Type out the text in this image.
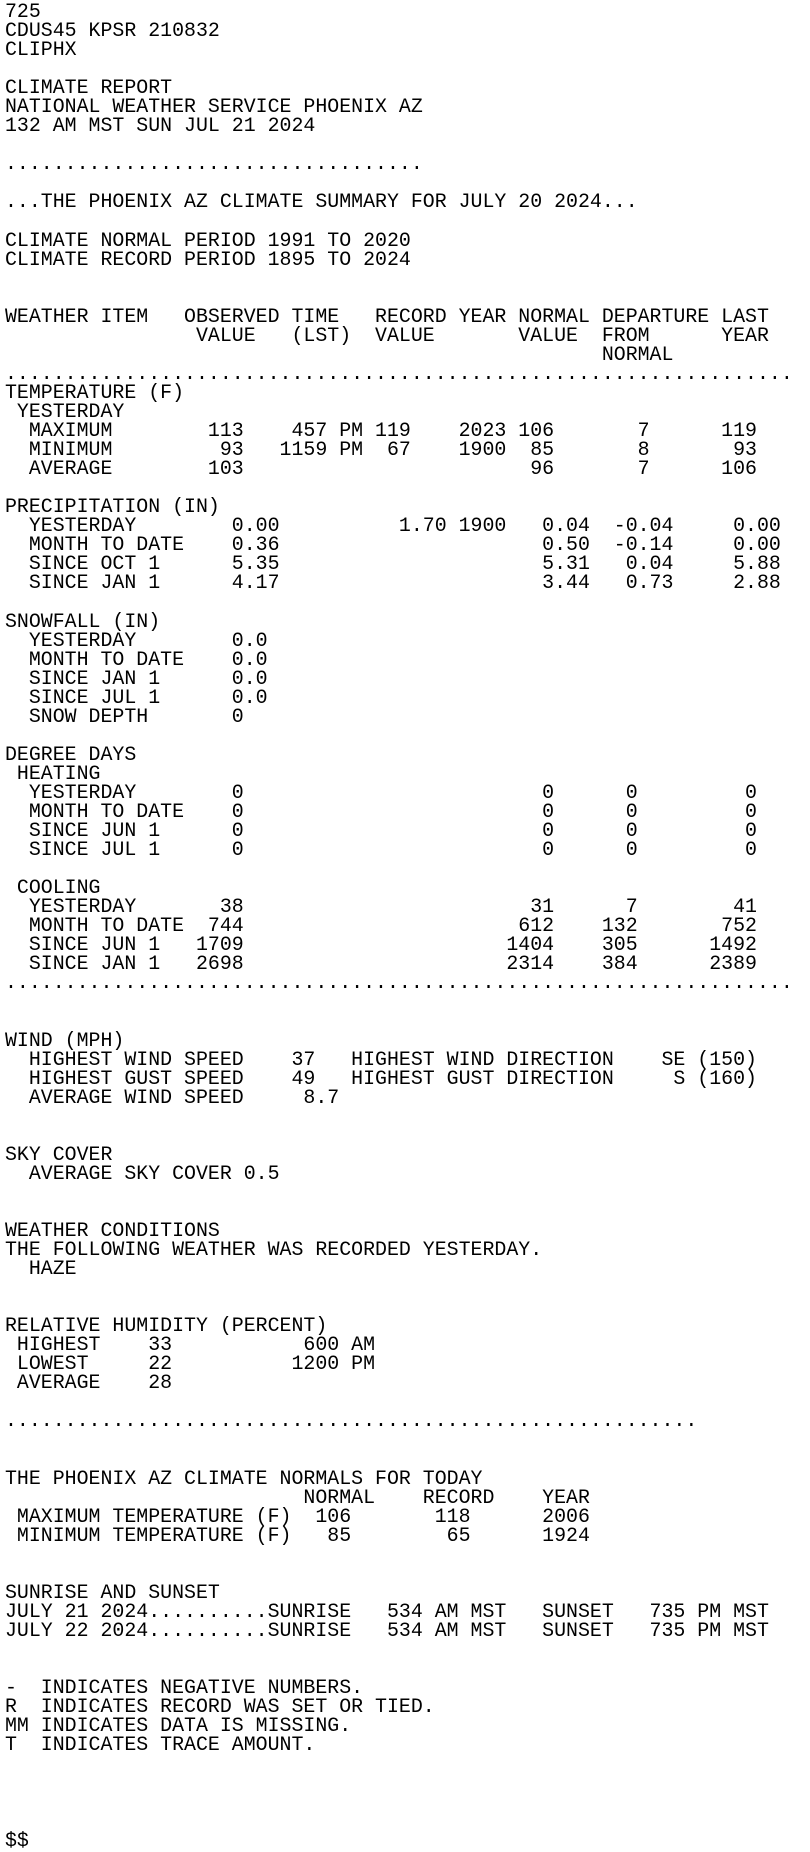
725
CDUS45 KPSR 210832
CLIPHX
CLIMATE REPORT
NATIONAL WEATHER SERVICE PHOENIX AZ
132 AM MST SUN JUL 21 2024
...................................
...THE PHOENIX AZ CLIMATE SUMMARY FOR JULY 20 2024...
CLIMATE NORMAL PERIOD 1991 TO 2020
CLIMATE RECORD PERIOD 1895 TO 2024
WEATHER ITEM   OBSERVED TIME   RECORD YEAR NORMAL DEPARTURE LAST
VALUE   (LST)  VALUE       VALUE  FROM      YEAR
NORMAL
..................................................................
TEMPERATURE (F)
YESTERDAY
MAXIMUM        113    457 PM 119    2023 106       7      119
MINIMUM         93   1159 PM  67    1900  85       8       93
AVERAGE        103                        96       7      106
PRECIPITATION (IN)
YESTERDAY        0.00          1.70 1900   0.04  -0.04     0.00
MONTH TO DATE    0.36                      0.50  -0.14     0.00
SINCE OCT 1      5.35                      5.31   0.04     5.88
SINCE JAN 1      4.17                      3.44   0.73     2.88
SNOWFALL (IN)
YESTERDAY        0.0
MONTH TO DATE    0.0
SINCE JAN 1      0.0
SINCE JUL 1      0.0
SNOW DEPTH       0
DEGREE DAYS
HEATING
YESTERDAY        0                         0      0         0
MONTH TO DATE    0                         0      0         0
SINCE JUN 1      0                         0      0         0
SINCE JUL 1      0                         0      0         0
COOLING
YESTERDAY       38                        31      7        41
MONTH TO DATE  744                       612    132       752
SINCE JUN 1   1709                      1404    305      1492
SINCE JAN 1   2698                      2314    384      2389
..................................................................
WIND (MPH)
HIGHEST WIND SPEED    37   HIGHEST WIND DIRECTION    SE (150)
HIGHEST GUST SPEED    49   HIGHEST GUST DIRECTION     S (160)
AVERAGE WIND SPEED     8.7
SKY COVER
AVERAGE SKY COVER 0.5
WEATHER CONDITIONS
THE FOLLOWING WEATHER WAS RECORDED YESTERDAY.
HAZE
RELATIVE HUMIDITY (PERCENT)
HIGHEST    33           600 AM
LOWEST     22          1200 PM
AVERAGE    28
..........................................................
THE PHOENIX AZ CLIMATE NORMALS FOR TODAY
NORMAL    RECORD    YEAR
MAXIMUM TEMPERATURE (F)  106       118      2006
MINIMUM TEMPERATURE (F)   85        65      1924
SUNRISE AND SUNSET
JULY 21 2024..........SUNRISE   534 AM MST   SUNSET   735 PM MST
JULY 22 2024..........SUNRISE   534 AM MST   SUNSET   735 PM MST
-  INDICATES NEGATIVE NUMBERS.
R  INDICATES RECORD WAS SET OR TIED.
MM INDICATES DATA IS MISSING.
T  INDICATES TRACE AMOUNT.
$$
